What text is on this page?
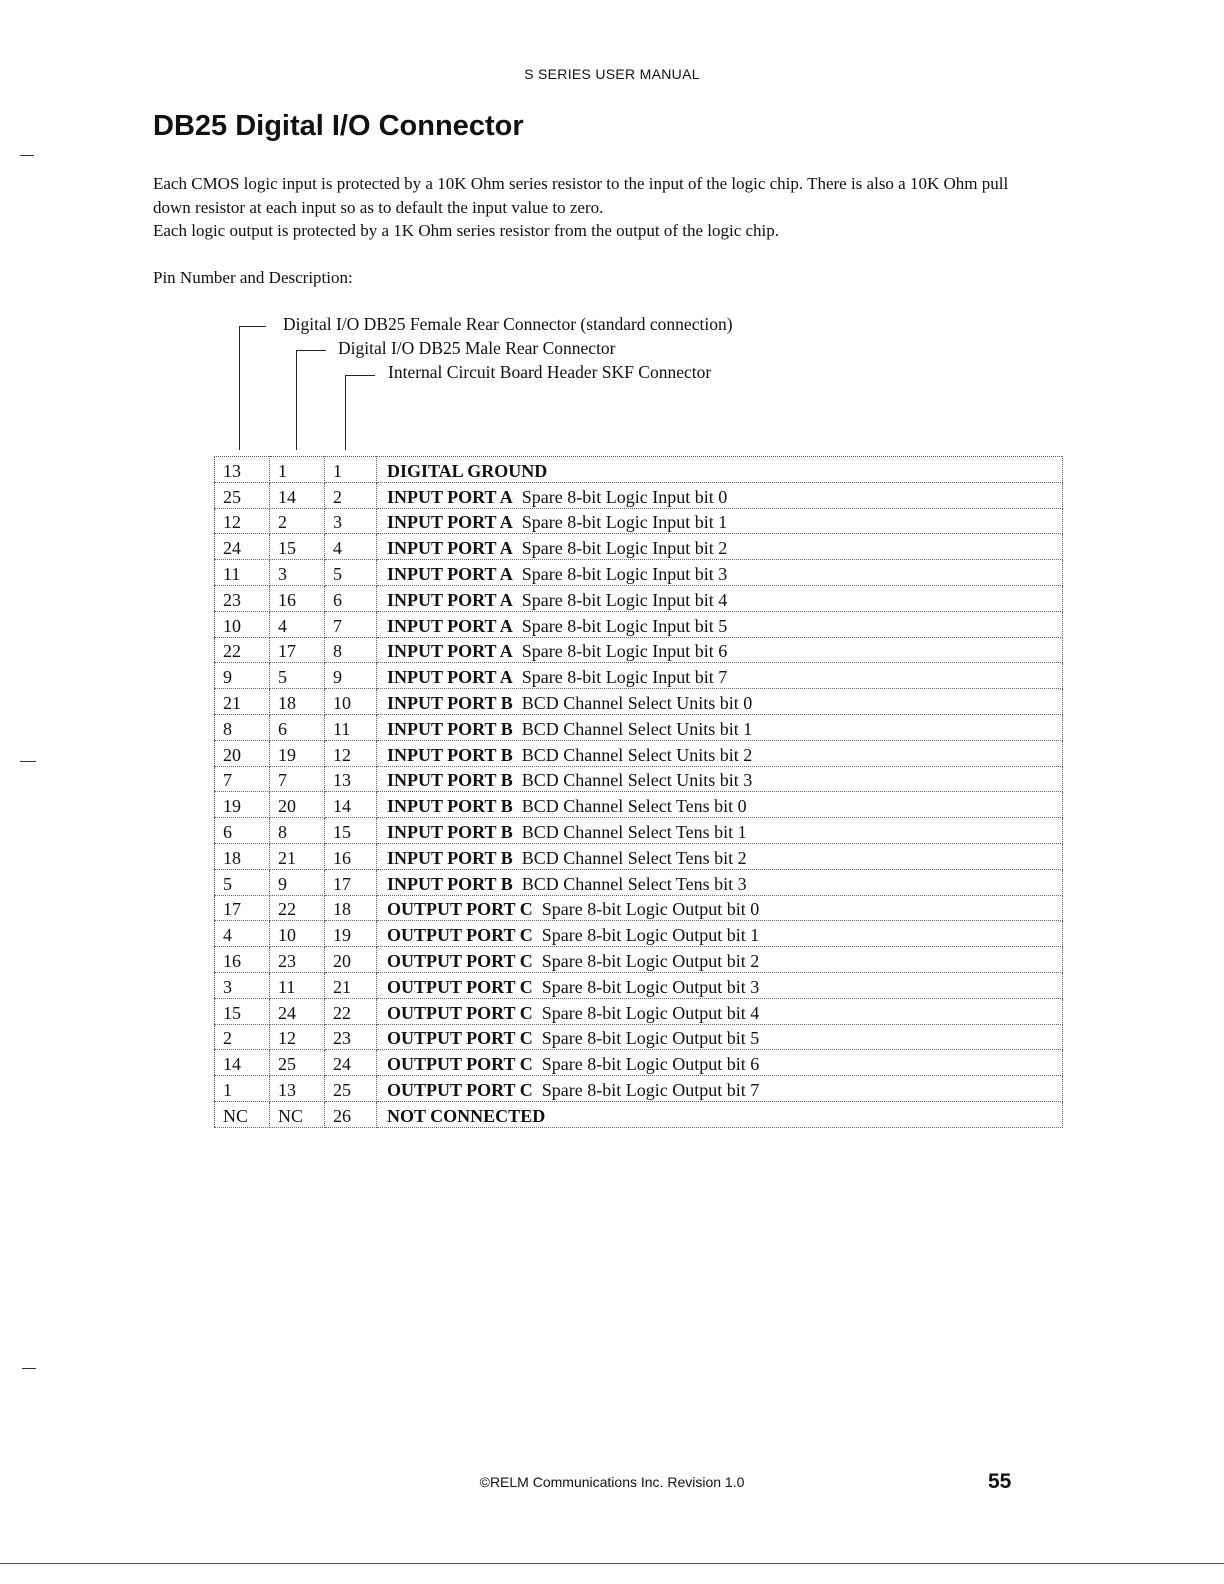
S SERIES USER MANUAL
DB25 Digital I/O Connector

Each CMOS logic input is protected by a 10K Ohm series resistor to the input of the logic chip. There is also a 10K Ohm pull down resistor at each input so as to default the input value to zero.

Each logic output is protected by a 1K Ohm series resistor from the output of the logic chip.

Pin Number and Description:
Digital I/O DB25 Female Rear Connector (standard connection)
Digital I/O DB25 Male Rear Connector
Internal Circuit Board Header SKF Connector
13	1	1	DIGITAL GROUND
25	14	2	INPUT PORT A Spare 8-bit Logic Input bit 0
12	2	3	INPUT PORT A Spare 8-bit Logic Input bit 1
24	15	4	INPUT PORT A Spare 8-bit Logic Input bit 2
11	3	5	INPUT PORT A Spare 8-bit Logic Input bit 3
23	16	6	INPUT PORT A Spare 8-bit Logic Input bit 4
10	4	7	INPUT PORT A Spare 8-bit Logic Input bit 5
22	17	8	INPUT PORT A Spare 8-bit Logic Input bit 6
9	5	9	INPUT PORT A Spare 8-bit Logic Input bit 7
21	18	10	INPUT PORT B BCD Channel Select Units bit 0
8	6	11	INPUT PORT B BCD Channel Select Units bit 1
20	19	12	INPUT PORT B BCD Channel Select Units bit 2
7	7	13	INPUT PORT B BCD Channel Select Units bit 3
19	20	14	INPUT PORT B BCD Channel Select Tens bit 0
6	8	15	INPUT PORT B BCD Channel Select Tens bit 1
18	21	16	INPUT PORT B BCD Channel Select Tens bit 2
5	9	17	INPUT PORT B BCD Channel Select Tens bit 3
17	22	18	OUTPUT PORT C Spare 8-bit Logic Output bit 0
4	10	19	OUTPUT PORT C Spare 8-bit Logic Output bit 1
16	23	20	OUTPUT PORT C Spare 8-bit Logic Output bit 2
3	11	21	OUTPUT PORT C Spare 8-bit Logic Output bit 3
15	24	22	OUTPUT PORT C Spare 8-bit Logic Output bit 4
2	12	23	OUTPUT PORT C Spare 8-bit Logic Output bit 5
14	25	24	OUTPUT PORT C Spare 8-bit Logic Output bit 6
1	13	25	OUTPUT PORT C Spare 8-bit Logic Output bit 7
NC	NC	26	NOT CONNECTED
©RELM Communications Inc. Revision 1.0	55
